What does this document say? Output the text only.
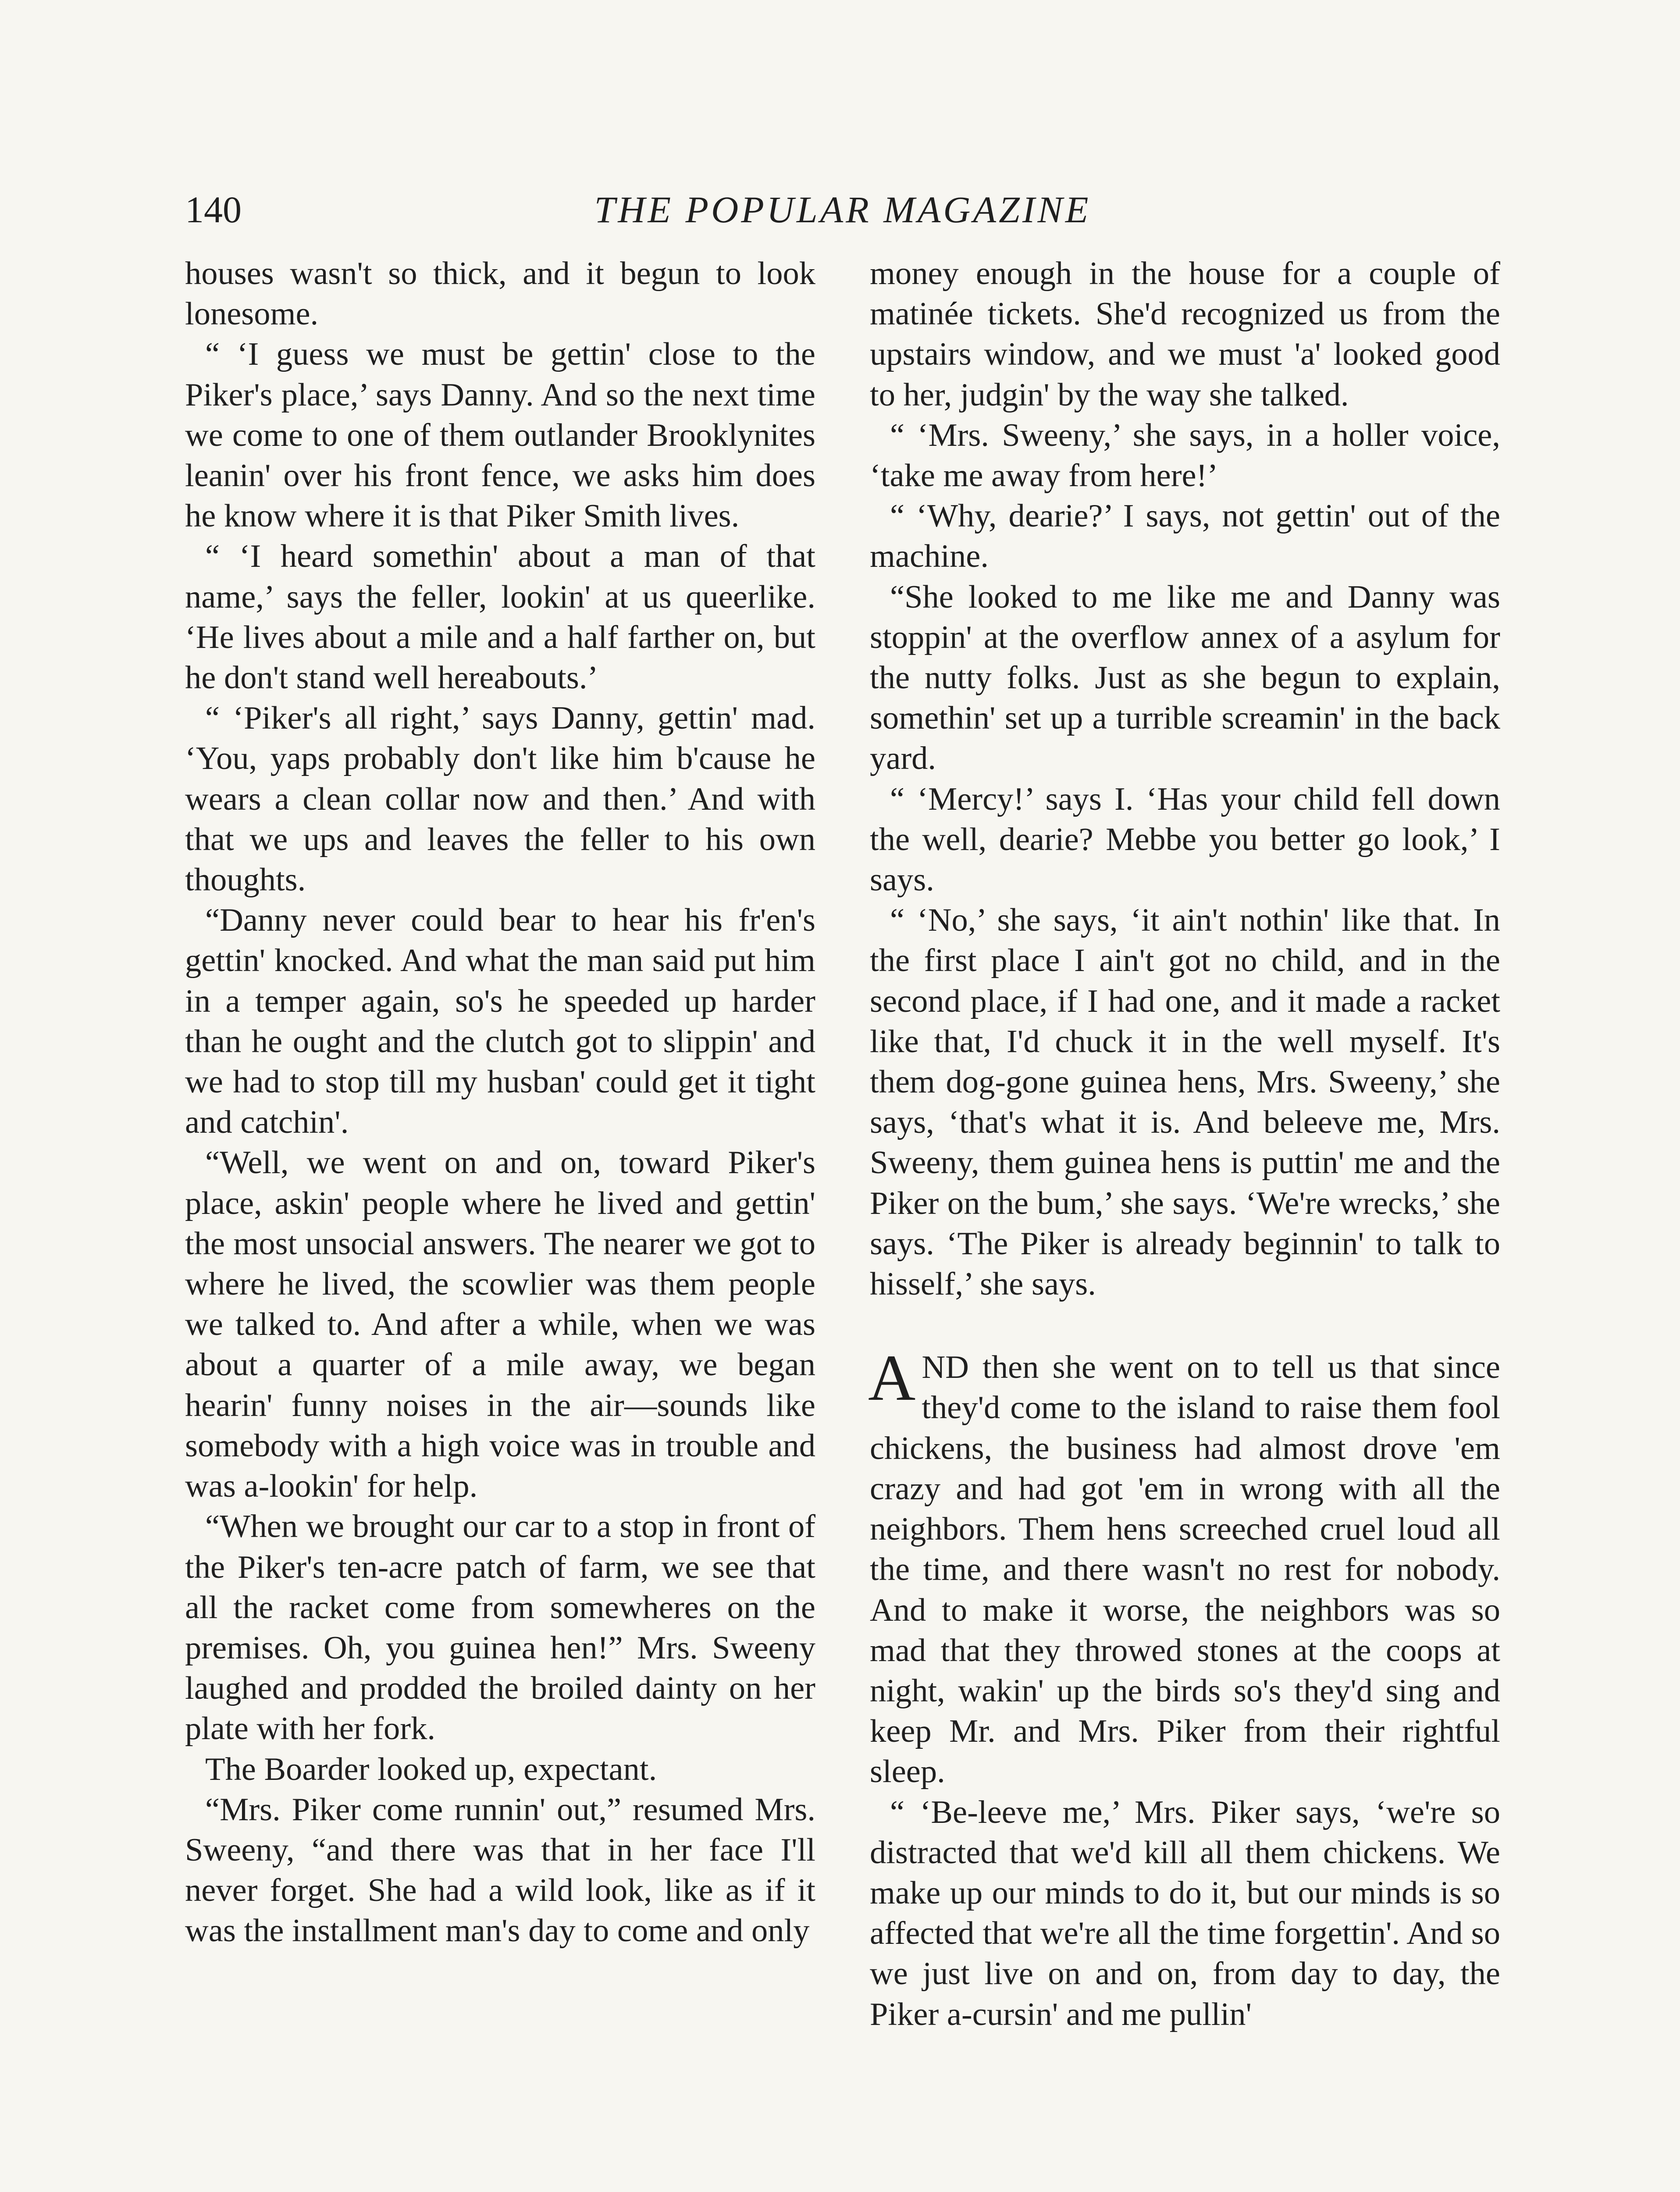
140	THE POPULAR MAGAZINE

houses wasn't so thick, and it begun to look lonesome.

“ ‘I guess we must be gettin' close to the Piker's place,’ says Danny. And so the next time we come to one of them outlander Brooklynites leanin' over his front fence, we asks him does he know where it is that Piker Smith lives.

“ ‘I heard somethin' about a man of that name,’ says the feller, lookin' at us queerlike. ‘He lives about a mile and a half farther on, but he don't stand well hereabouts.’

“ ‘Piker's all right,’ says Danny, gettin' mad. ‘You, yaps probably don't like him b'cause he wears a clean collar now and then.’ And with that we ups and leaves the feller to his own thoughts.

“Danny never could bear to hear his fr'en's gettin' knocked. And what the man said put him in a temper again, so's he speeded up harder than he ought and the clutch got to slippin' and we had to stop till my husban' could get it tight and catchin'.

“Well, we went on and on, toward Piker's place, askin' people where he lived and gettin' the most unsocial answers. The nearer we got to where he lived, the scowlier was them people we talked to. And after a while, when we was about a quarter of a mile away, we began hearin' funny noises in the air—sounds like somebody with a high voice was in trouble and was a-lookin' for help.

“When we brought our car to a stop in front of the Piker's ten-acre patch of farm, we see that all the racket come from somewheres on the premises. Oh, you guinea hen!” Mrs. Sweeny laughed and prodded the broiled dainty on her plate with her fork.

The Boarder looked up, expectant.

“Mrs. Piker come runnin' out,” resumed Mrs. Sweeny, “and there was that in her face I'll never forget. She had a wild look, like as if it was the installment man's day to come and only

money enough in the house for a couple of matinée tickets. She'd recognized us from the upstairs window, and we must 'a' looked good to her, judgin' by the way she talked.

“ ‘Mrs. Sweeny,’ she says, in a holler voice, ‘take me away from here!’

“ ‘Why, dearie?’ I says, not gettin' out of the machine.

“She looked to me like me and Danny was stoppin' at the overflow annex of a asylum for the nutty folks. Just as she begun to explain, somethin' set up a turrible screamin' in the back yard.

“ ‘Mercy!’ says I. ‘Has your child fell down the well, dearie? Mebbe you better go look,’ I says.

“ ‘No,’ she says, ‘it ain't nothin' like that. In the first place I ain't got no child, and in the second place, if I had one, and it made a racket like that, I'd chuck it in the well myself. It's them dog-gone guinea hens, Mrs. Sweeny,’ she says, ‘that's what it is. And beleeve me, Mrs. Sweeny, them guinea hens is puttin' me and the Piker on the bum,’ she says. ‘We're wrecks,’ she says. ‘The Piker is already beginnin' to talk to hisself,’ she says.

AND then she went on to tell us that since they'd come to the island to raise them fool chickens, the business had almost drove 'em crazy and had got 'em in wrong with all the neighbors. Them hens screeched cruel loud all the time, and there wasn't no rest for nobody. And to make it worse, the neighbors was so mad that they throwed stones at the coops at night, wakin' up the birds so's they'd sing and keep Mr. and Mrs. Piker from their rightful sleep.

“ ‘Be-leeve me,’ Mrs. Piker says, ‘we're so distracted that we'd kill all them chickens. We make up our minds to do it, but our minds is so affected that we're all the time forgettin'. And so we just live on and on, from day to day, the Piker a-cursin' and me pullin'
